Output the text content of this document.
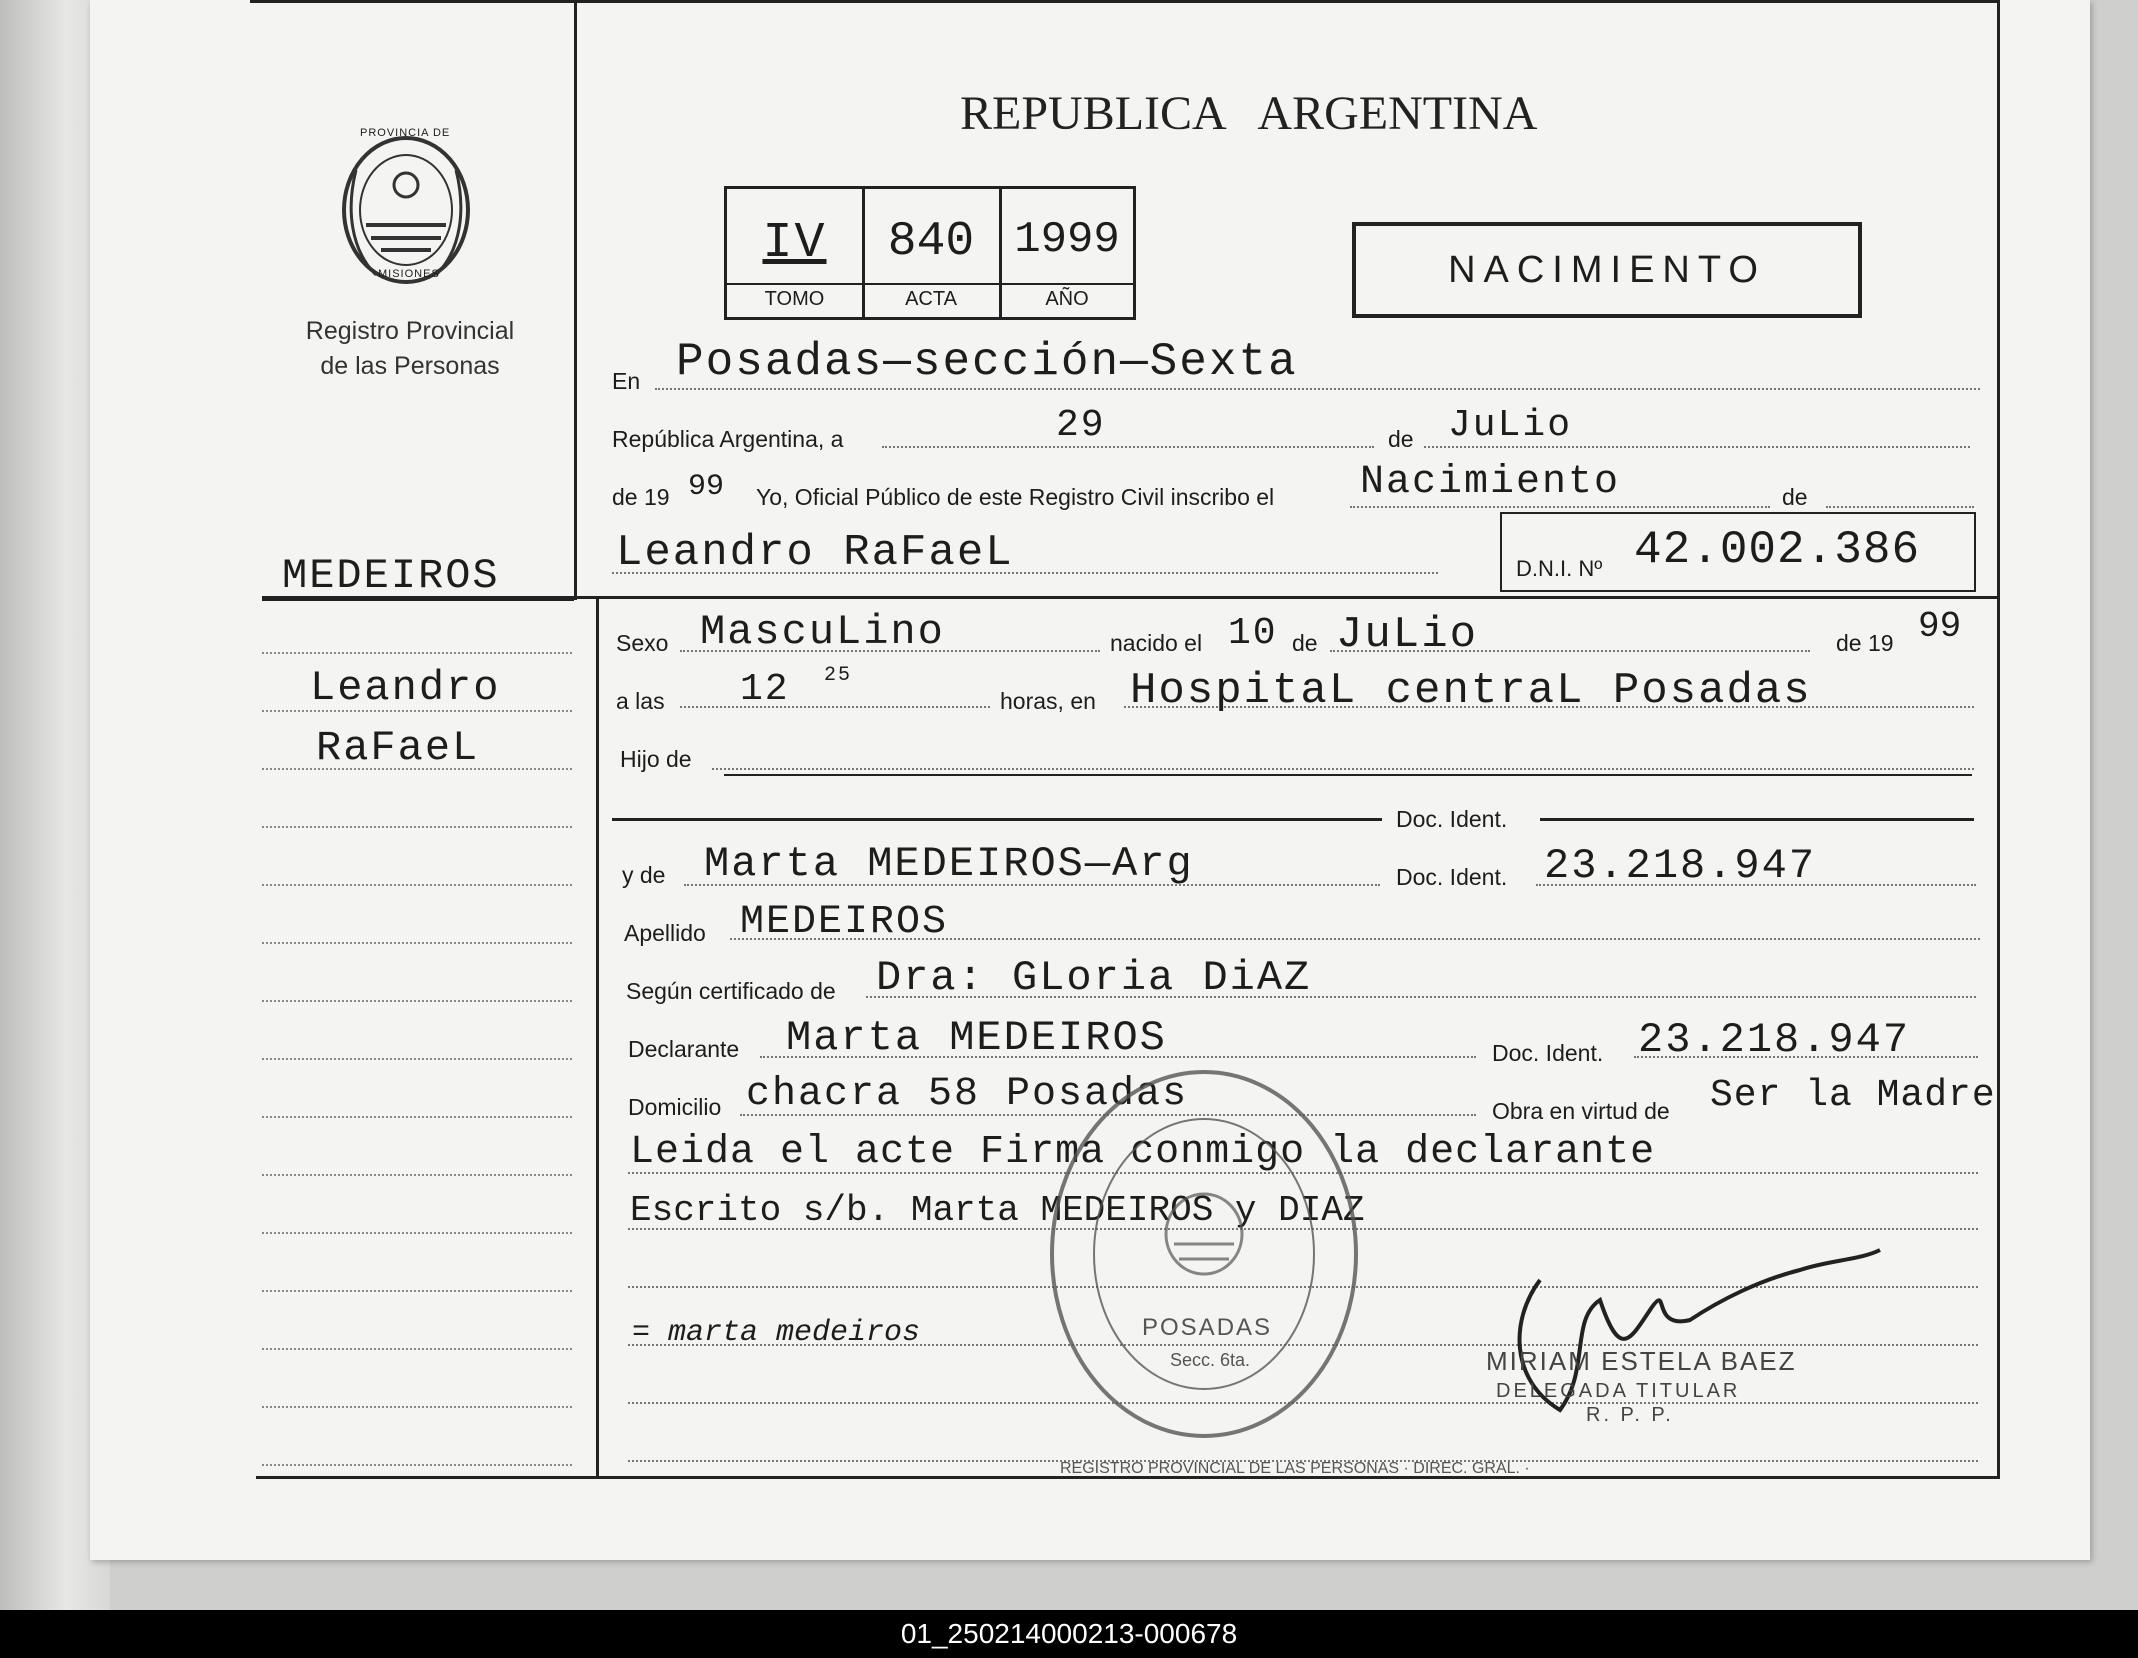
PROVINCIA DE
MISIONES
Registro Provincial
de las Personas
REPUBLICA   ARGENTINA
IV	840 1999
TOMO	ACTA	AÑO
NACIMIENTO
MEDEIROS
Leandro
RaFaeL
En Posadas—sección—Sexta
República Argentina, a	29	de JuLio
de 19 99 Yo, Oficial Público de este Registro Civil inscribo el Nacimiento	de
Leandro RaFaeL	D.N.I. Nº 42.002.386
Sexo MascuLino	nacido el 10 de JuLio	de 19 99
a las 12 25
horas, en HospitaL centraL Posadas
Hijo de
Doc. Ident.
y de Marta MEDEIROS—Arg	Doc. Ident. 23.218.947
Apellido MEDEIROS
Según certificado de Dra: GLoria DiAZ
Declarante Marta MEDEIROS	Doc. Ident. 23.218.947
Domicilio chacra 58 Posadas	Obra en virtud de Ser la Madre
Leida el acte Firma conmigo la declarante
Escrito s/b. Marta MEDEIROS y DIAZ
= marta medeiros
REGISTRO PROVINCIAL DE LAS PERSONAS · DIREC. GRAL. ·
POSADAS
Secc. 6ta.	MIRIAM ESTELA BAEZ
DELEGADA TITULAR
R. P. P.
01_250214000213-000678
